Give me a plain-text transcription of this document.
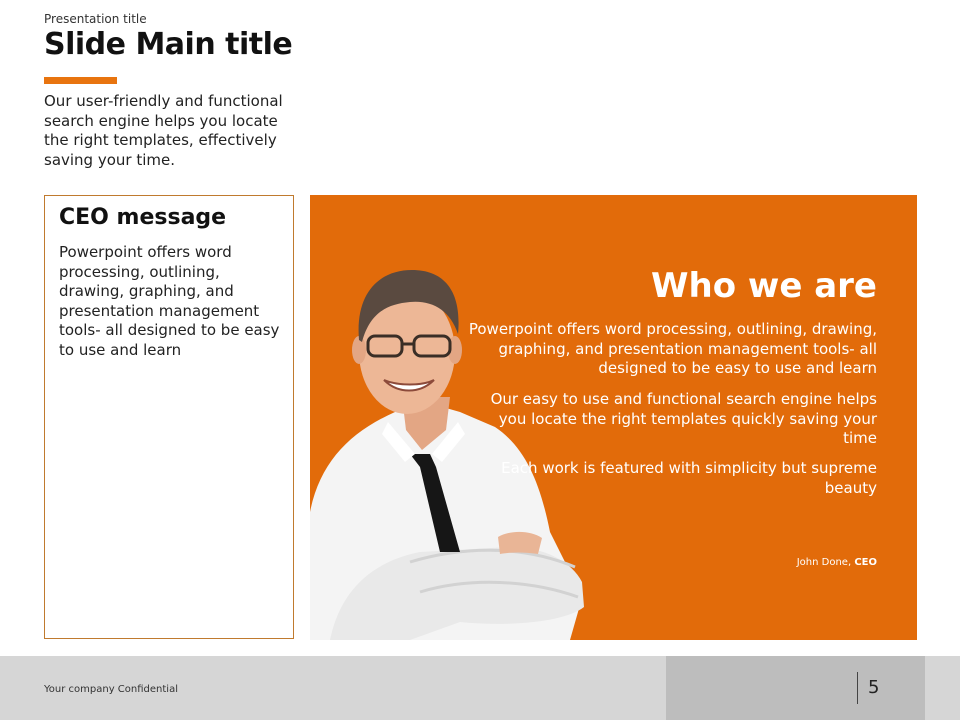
Presentation title
Slide Main title
Our user-friendly and functional search engine helps you locate the right templates, effectively saving your time.
CEO message
Powerpoint offers word processing, outlining, drawing, graphing, and presentation management tools- all designed to be easy to use and learn
Who we are
Powerpoint offers word processing, outlining, drawing, graphing, and presentation management tools- all designed to be easy to use and learn
Our easy to use and functional search engine helps you locate the right templates quickly saving your time
Each work is featured with simplicity but supreme beauty
John Done, CEO
Your company Confidential	5
